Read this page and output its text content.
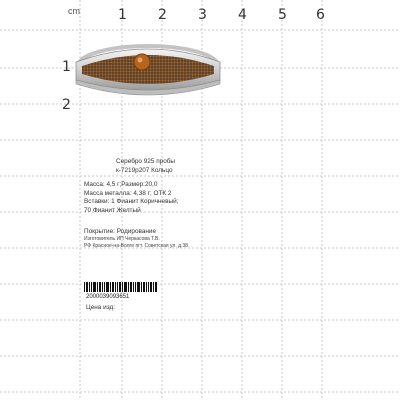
cm	1 2 3 4 5 6
1
2
Серебро 925 пробы
к-7219р207 Кольцо
Масса: 4,5 г;Размер:20,0
Масса металла: 4,38 г; ОТК 2
Вставки: 1 Фианит Коричневый;
70 Фианит Желтый
Покрытие: Родирование
Изготовитель ИП Черкасова Т.В.
РФ Красное-на-Волге пгт. Советская ул. д.38
2000039093651
Цена изд:
